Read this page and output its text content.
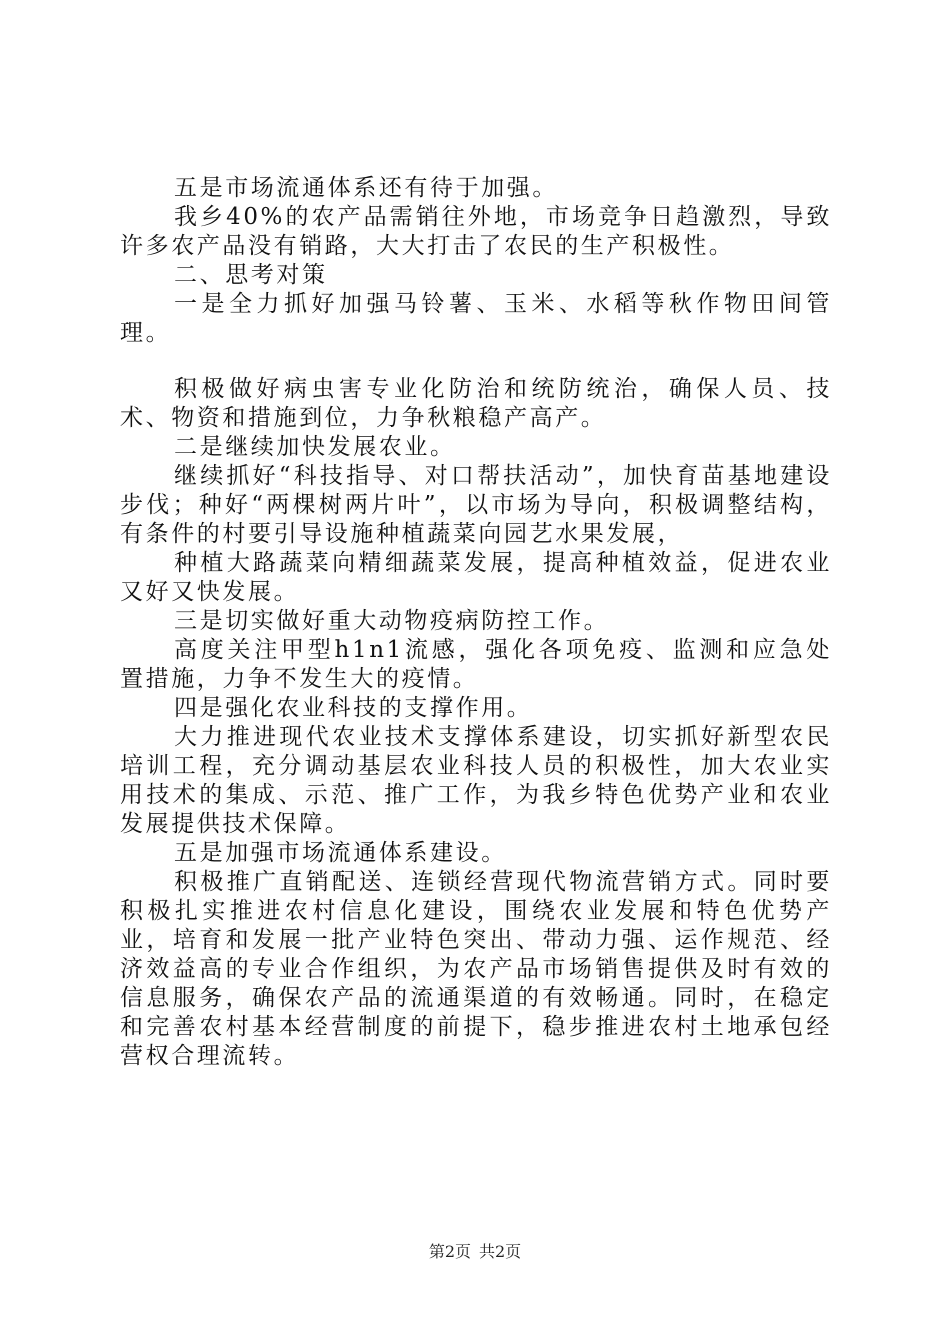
五是市场流通体系还有待于加强。

我乡40%的农产品需销往外地，市场竞争日趋激烈，导致许多农产品没有销路，大大打击了农民的生产积极性。

二、思考对策

一是全力抓好加强马铃薯、玉米、水稻等秋作物田间管理。

积极做好病虫害专业化防治和统防统治，确保人员、技术、物资和措施到位，力争秋粮稳产高产。

二是继续加快发展农业。

继续抓好“科技指导、对口帮扶活动”，加快育苗基地建设步伐；种好“两棵树两片叶”，以市场为导向，积极调整结构，有条件的村要引导设施种植蔬菜向园艺水果发展，

种植大路蔬菜向精细蔬菜发展，提高种植效益，促进农业又好又快发展。

三是切实做好重大动物疫病防控工作。

高度关注甲型h1n1流感，强化各项免疫、监测和应急处置措施，力争不发生大的疫情。

四是强化农业科技的支撑作用。

大力推进现代农业技术支撑体系建设，切实抓好新型农民培训工程，充分调动基层农业科技人员的积极性，加大农业实用技术的集成、示范、推广工作，为我乡特色优势产业和农业发展提供技术保障。

五是加强市场流通体系建设。

积极推广直销配送、连锁经营现代物流营销方式。同时要积极扎实推进农村信息化建设，围绕农业发展和特色优势产业，培育和发展一批产业特色突出、带动力强、运作规范、经济效益高的专业合作组织，为农产品市场销售提供及时有效的信息服务，确保农产品的流通渠道的有效畅通。同时，在稳定和完善农村基本经营制度的前提下，稳步推进农村土地承包经营权合理流转。

第2页 共2页
